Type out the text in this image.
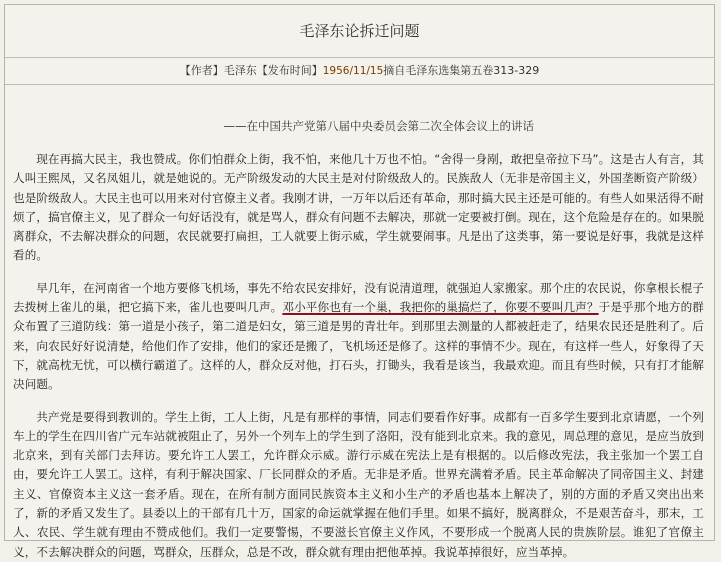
毛泽东论拆迁问题
【作者】毛泽东【发布时间】1956/11/15摘自毛泽东选集第五卷313-329
——在中国共产党第八届中央委员会第二次全体会议上的讲话

现在再搞大民主，我也赞成。你们怕群众上街，我不怕，来他几十万也不怕。“舍得一身剐，敢把皇帝拉下马”。这是古人有言，其人叫王熙凤，又名凤姐儿，就是她说的。无产阶级发动的大民主是对付阶级敌人的。民族敌人（无非是帝国主义，外国垄断资产阶级）也是阶级敌人。大民主也可以用来对付官僚主义者。我刚才讲，一万年以后还有革命，那时搞大民主还是可能的。有些人如果活得不耐烦了，搞官僚主义，见了群众一句好话没有，就是骂人，群众有问题不去解决，那就一定要被打倒。现在，这个危险是存在的。如果脱离群众，不去解决群众的问题，农民就要打扁担，工人就要上街示威，学生就要闹事。凡是出了这类事，第一要说是好事，我就是这样看的。

早几年，在河南省一个地方要修飞机场，事先不给农民安排好，没有说清道理，就强迫人家搬家。那个庄的农民说，你拿根长棍子去拨树上雀儿的巢，把它搞下来，雀儿也要叫几声。邓小平你也有一个巢，我把你的巢搞烂了，你要不要叫几声？于是乎那个地方的群众布置了三道防线：第一道是小孩子，第二道是妇女，第三道是男的青壮年。到那里去测量的人都被赶走了，结果农民还是胜利了。后来，向农民好好说清楚，给他们作了安排，他们的家还是搬了，飞机场还是修了。这样的事情不少。现在，有这样一些人，好象得了天下，就高枕无忧，可以横行霸道了。这样的人，群众反对他，打石头，打锄头，我看是该当，我最欢迎。而且有些时候，只有打才能解决问题。

共产党是要得到教训的。学生上街，工人上街，凡是有那样的事情，同志们要看作好事。成都有一百多学生要到北京请愿，一个列车上的学生在四川省广元车站就被阻止了，另外一个列车上的学生到了洛阳，没有能到北京来。我的意见，周总理的意见，是应当放到北京来，到有关部门去拜访。要允许工人罢工，允许群众示威。游行示威在宪法上是有根据的。以后修改宪法，我主张加一个罢工自由，要允许工人罢工。这样，有利于解决国家、厂长同群众的矛盾。无非是矛盾。世界充满着矛盾。民主革命解决了同帝国主义、封建主义、官僚资本主义这一套矛盾。现在，在所有制方面同民族资本主义和小生产的矛盾也基本上解决了，别的方面的矛盾又突出出来了，新的矛盾又发生了。县委以上的干部有几十万，国家的命运就掌握在他们手里。如果不搞好，脱离群众，不是艰苦奋斗，那末，工人、农民、学生就有理由不赞成他们。我们一定要警惕，不要滋长官僚主义作风，不要形成一个脱离人民的贵族阶层。谁犯了官僚主义，不去解决群众的问题，骂群众，压群众，总是不改，群众就有理由把他革掉。我说革掉很好，应当革掉。
